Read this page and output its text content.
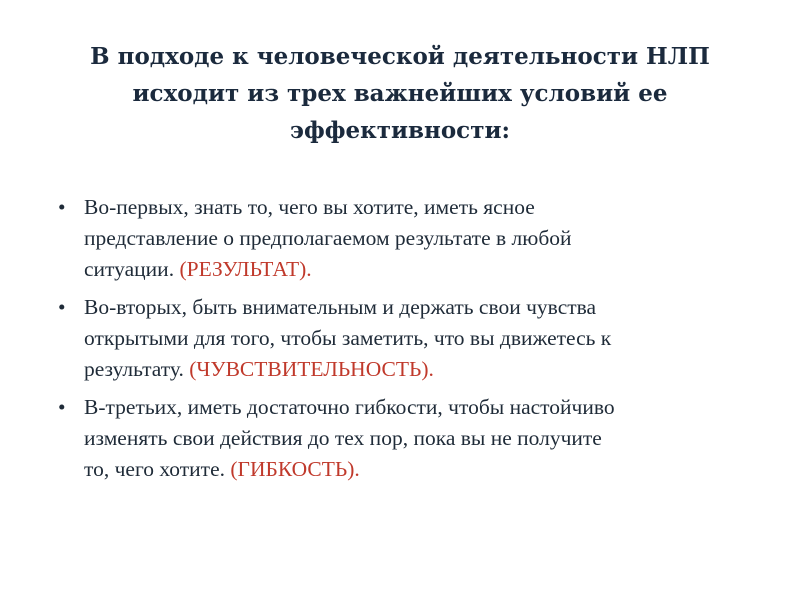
В подходе к человеческой деятельности НЛП
исходит из трех важнейших условий ее
эффективности:
• Во-первых, знать то, чего вы хотите, иметь ясное
представление о предполагаемом результате в любой
ситуации. (РЕЗУЛЬТАТ).
• Во-вторых, быть внимательным и держать свои чувства
открытыми для того, чтобы заметить, что вы движетесь к
результату. (ЧУВСТВИТЕЛЬНОСТЬ).
• В-третьих, иметь достаточно гибкости, чтобы настойчиво
изменять свои действия до тех пор, пока вы не получите
то, чего хотите. (ГИБКОСТЬ).
